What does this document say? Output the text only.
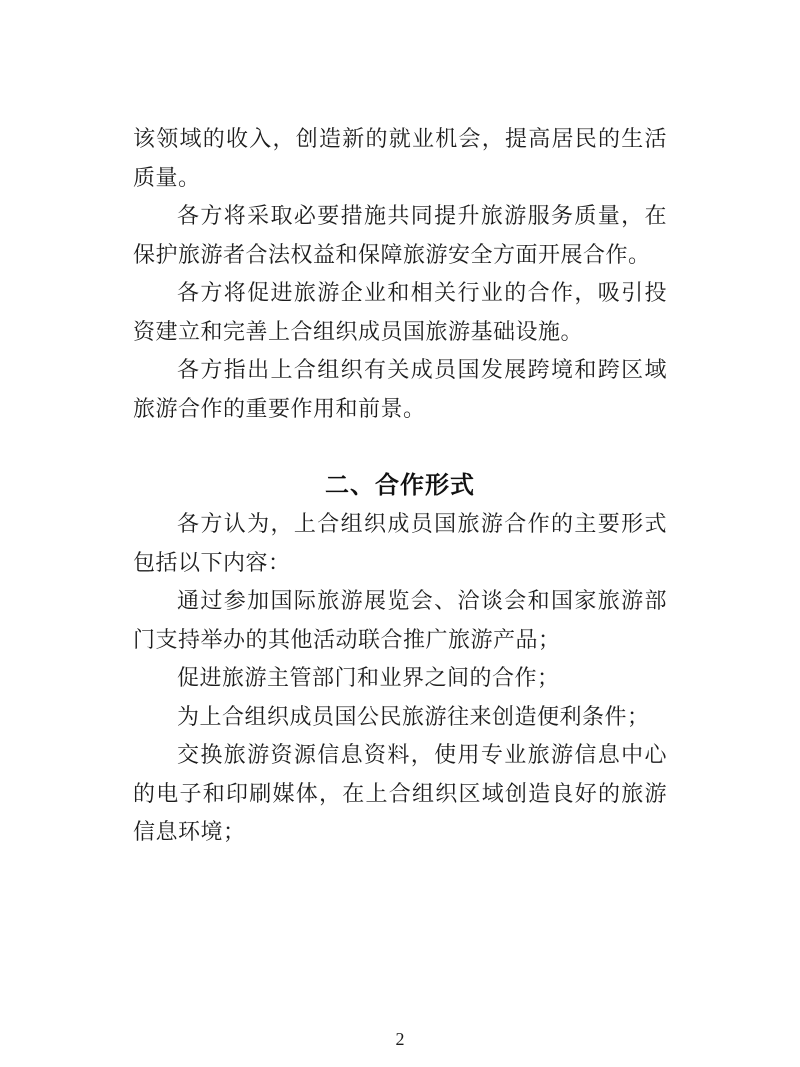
该领域的收入，创造新的就业机会，提高居民的生活质量。

各方将采取必要措施共同提升旅游服务质量，在保护旅游者合法权益和保障旅游安全方面开展合作。

各方将促进旅游企业和相关行业的合作，吸引投资建立和完善上合组织成员国旅游基础设施。

各方指出上合组织有关成员国发展跨境和跨区域旅游合作的重要作用和前景。

二、合作形式

各方认为，上合组织成员国旅游合作的主要形式包括以下内容：

通过参加国际旅游展览会、洽谈会和国家旅游部门支持举办的其他活动联合推广旅游产品；

促进旅游主管部门和业界之间的合作；

为上合组织成员国公民旅游往来创造便利条件；

交换旅游资源信息资料，使用专业旅游信息中心的电子和印刷媒体，在上合组织区域创造良好的旅游信息环境；

2
